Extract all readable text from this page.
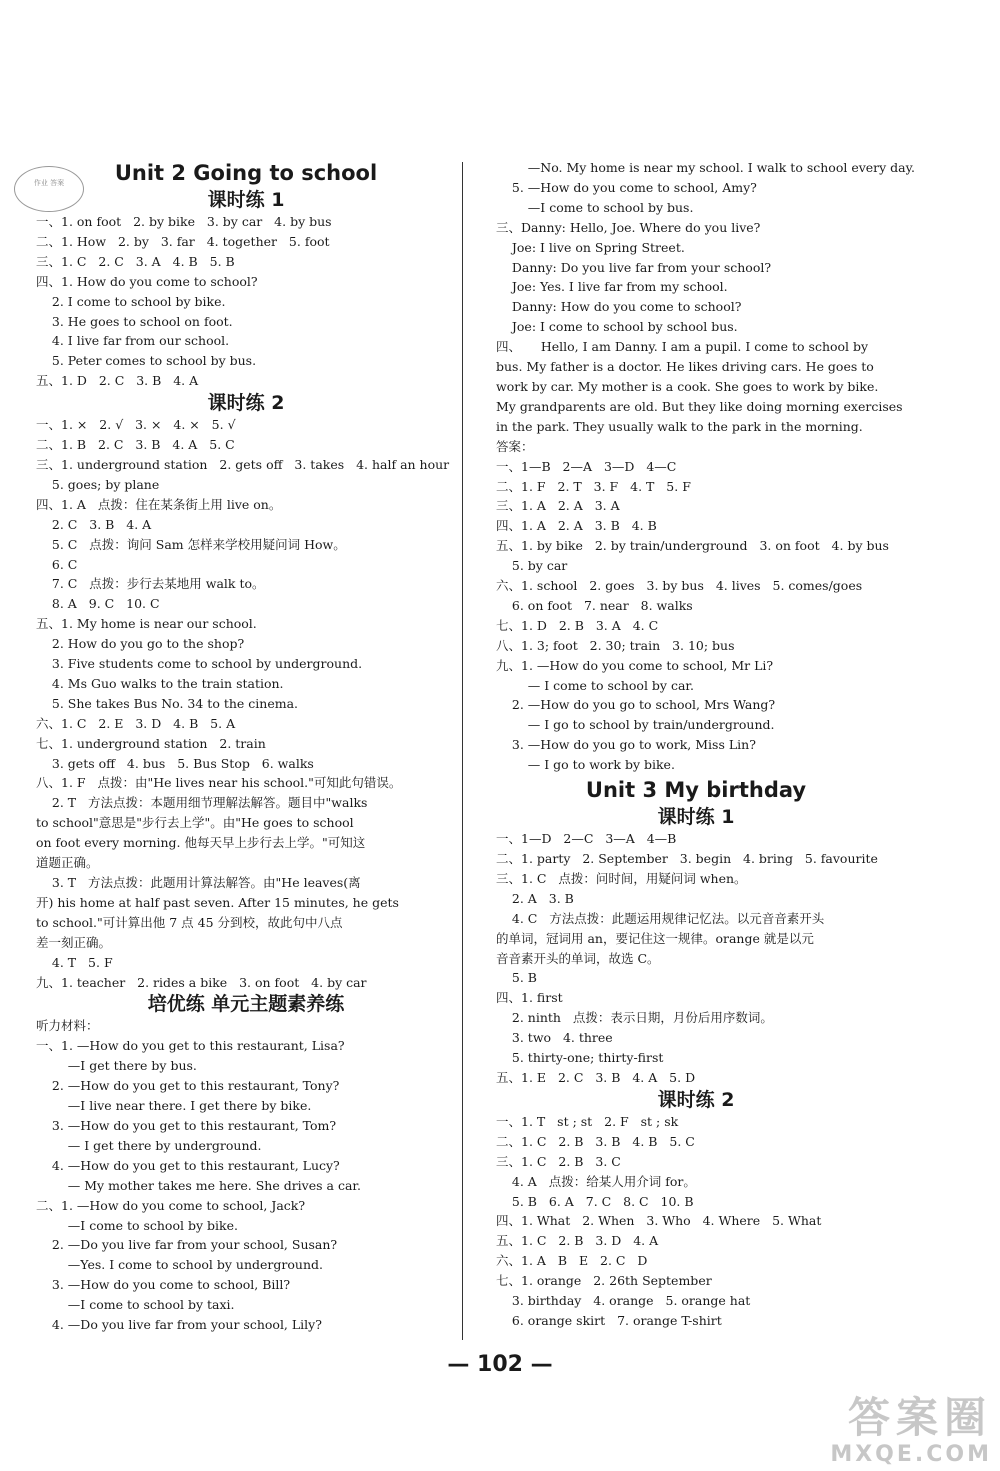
作业 答案	Unit 2 Going to school
课时练 1
一、1. on foot   2. by bike   3. by car   4. by bus
二、1. How   2. by   3. far   4. together   5. foot
三、1. C   2. C   3. A   4. B   5. B
四、1. How do you come to school?
2. I come to school by bike.
3. He goes to school on foot.
4. I live far from our school.
5. Peter comes to school by bus.
五、1. D   2. C   3. B   4. A
课时练 2
一、1. ×   2. √   3. ×   4. ×   5. √
二、1. B   2. C   3. B   4. A   5. C
三、1. underground station   2. gets off   3. takes   4. half an hour
5. goes; by plane
四、1. A   点拨：住在某条街上用 live on。
2. C   3. B   4. A
5. C   点拨：询问 Sam 怎样来学校用疑问词 How。
6. C
7. C   点拨：步行去某地用 walk to。
8. A   9. C   10. C
五、1. My home is near our school.
2. How do you go to the shop?
3. Five students come to school by underground.
4. Ms Guo walks to the train station.
5. She takes Bus No. 34 to the cinema.
六、1. C   2. E   3. D   4. B   5. A
七、1. underground station   2. train
3. gets off   4. bus   5. Bus Stop   6. walks
八、1. F   点拨：由"He lives near his school."可知此句错误。
2. T   方法点拨：本题用细节理解法解答。题目中"walks
to school"意思是"步行去上学"。由"He goes to school
on foot every morning. 他每天早上步行去上学。"可知这
道题正确。
3. T   方法点拨：此题用计算法解答。由"He leaves(离
开) his home at half past seven. After 15 minutes, he gets
to school."可计算出他 7 点 45 分到校，故此句中八点
差一刻正确。
4. T   5. F
九、1. teacher   2. rides a bike   3. on foot   4. by car
培优练 单元主题素养练
听力材料：
一、1. —How do you get to this restaurant, Lisa?
—I get there by bus.
2. —How do you get to this restaurant, Tony?
—I live near there. I get there by bike.
3. —How do you get to this restaurant, Tom?
— I get there by underground.
4. —How do you get to this restaurant, Lucy?
— My mother takes me here. She drives a car.
二、1. —How do you come to school, Jack?
—I come to school by bike.
2. —Do you live far from your school, Susan?
—Yes. I come to school by underground.
3. —How do you come to school, Bill?
—I come to school by taxi.
4. —Do you live far from your school, Lily?
—No. My home is near my school. I walk to school every day.
5. —How do you come to school, Amy?
—I come to school by bus.
三、Danny: Hello, Joe. Where do you live?
Joe: I live on Spring Street.
Danny: Do you live far from your school?
Joe: Yes. I live far from my school.
Danny: How do you come to school?
Joe: I come to school by school bus.
四、     Hello, I am Danny. I am a pupil. I come to school by
bus. My father is a doctor. He likes driving cars. He goes to
work by car. My mother is a cook. She goes to work by bike.
My grandparents are old. But they like doing morning exercises
in the park. They usually walk to the park in the morning.
答案：
一、1—B   2—A   3—D   4—C
二、1. F   2. T   3. F   4. T   5. F
三、1. A   2. A   3. A
四、1. A   2. A   3. B   4. B
五、1. by bike   2. by train/underground   3. on foot   4. by bus
5. by car
六、1. school   2. goes   3. by bus   4. lives   5. comes/goes
6. on foot   7. near   8. walks
七、1. D   2. B   3. A   4. C
八、1. 3; foot   2. 30; train   3. 10; bus
九、1. —How do you come to school, Mr Li?
— I come to school by car.
2. —How do you go to school, Mrs Wang?
— I go to school by train/underground.
3. —How do you go to work, Miss Lin?
— I go to work by bike.
Unit 3 My birthday
课时练 1
一、1—D   2—C   3—A   4—B
二、1. party   2. September   3. begin   4. bring   5. favourite
三、1. C   点拨：问时间，用疑问词 when。
2. A   3. B
4. C   方法点拨：此题运用规律记忆法。以元音音素开头
的单词，冠词用 an，要记住这一规律。orange 就是以元
音音素开头的单词，故选 C。
5. B
四、1. first
2. ninth   点拨：表示日期，月份后用序数词。
3. two   4. three
5. thirty-one; thirty-first
五、1. E   2. C   3. B   4. A   5. D
课时练 2
一、1. T   st ; st   2. F   st ; sk
二、1. C   2. B   3. B   4. B   5. C
三、1. C   2. B   3. C
4. A   点拨：给某人用介词 for。
5. B   6. A   7. C   8. C   10. B
四、1. What   2. When   3. Who   4. Where   5. What
五、1. C   2. B   3. D   4. A
六、1. A   B   E   2. C   D
七、1. orange   2. 26th September
3. birthday   4. orange   5. orange hat
6. orange skirt   7. orange T-shirt
— 102 —
答案圈
MXQE.COM
